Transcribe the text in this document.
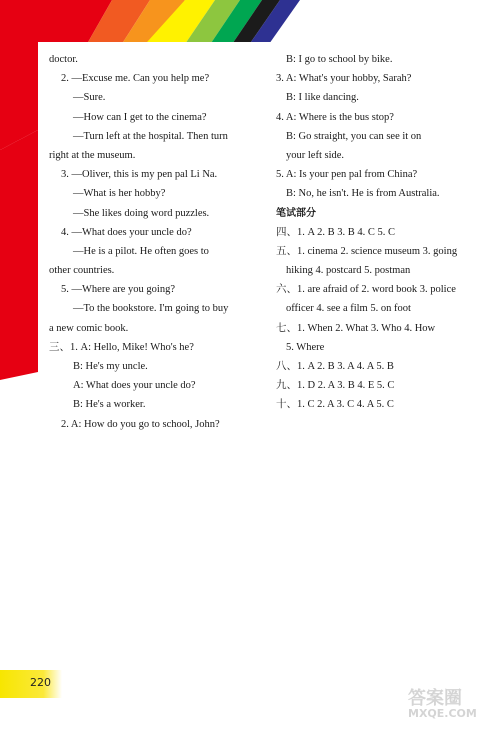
doctor.
2. —Excuse me. Can you help me?
—Sure.
—How can I get to the cinema?
—Turn left at the hospital. Then turn
right at the museum.
3. —Oliver, this is my pen pal Li Na.
—What is her hobby?
—She likes doing word puzzles.
4. —What does your uncle do?
—He is a pilot. He often goes to
other countries.
5. —Where are you going?
—To the bookstore. I'm going to buy
a new comic book.
三、1. A: Hello, Mike! Who's he?
B: He's my uncle.
A: What does your uncle do?
B: He's a worker.
2. A: How do you go to school, John?
B: I go to school by bike.
3. A: What's your hobby, Sarah?
B: I like dancing.
4. A: Where is the bus stop?
B: Go straight, you can see it on
your left side.
5. A: Is your pen pal from China?
B: No, he isn't. He is from Australia.
笔试部分
四、1. A 2. B 3. B 4. C 5. C
五、1. cinema 2. science museum 3. going
hiking 4. postcard 5. postman
六、1. are afraid of 2. word book 3. police
officer 4. see a film 5. on foot
七、1. When 2. What 3. Who 4. How
5. Where
八、1. A 2. B 3. A 4. A 5. B
九、1. D 2. A 3. B 4. E 5. C
十、1. C 2. A 3. C 4. A 5. C
220
答案圈
MXQE.COM
